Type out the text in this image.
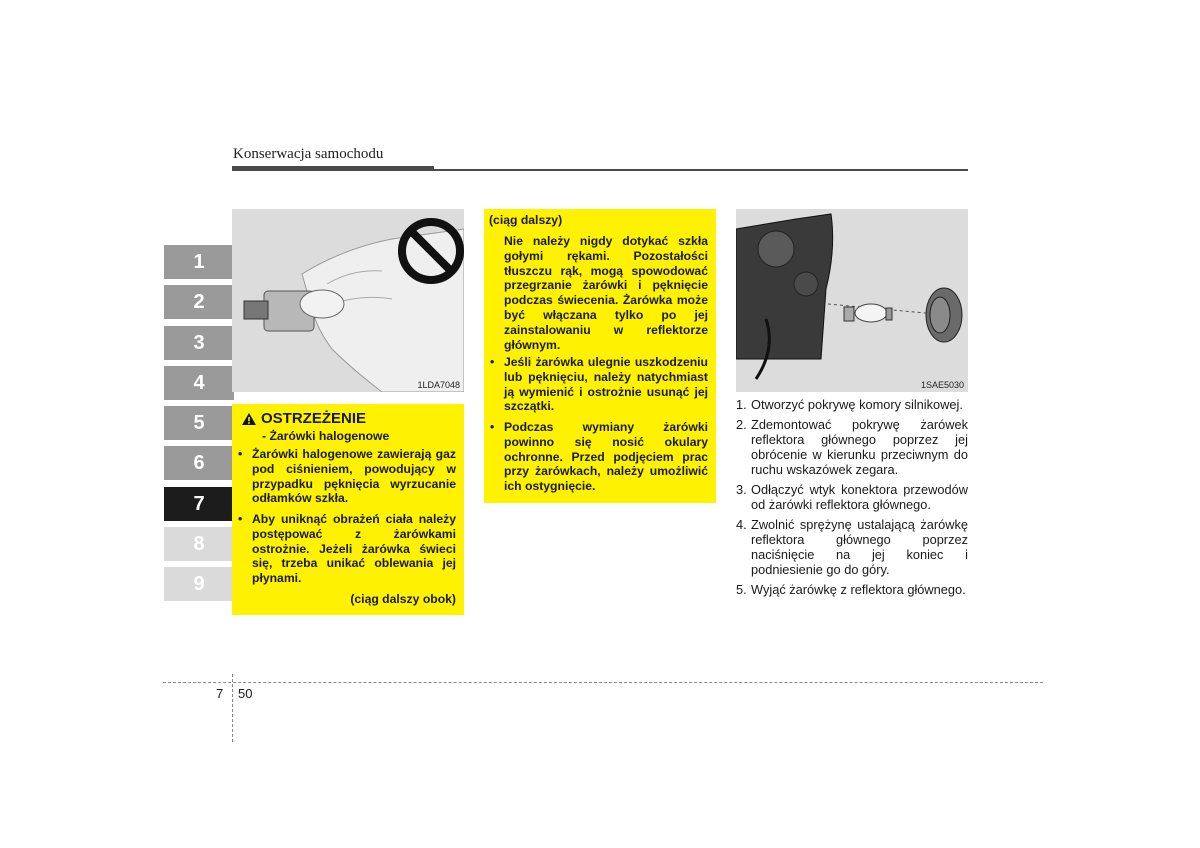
Konserwacja samochodu
1
2
3
4
5
6
7
8
9
1LDA7048
OSTRZEŻENIE
- Żarówki halogenowe
• Żarówki halogenowe zawierają gaz pod ciśnieniem, powodujący w przypadku pęknięcia wyrzucanie odłamków szkła.
• Aby uniknąć obrażeń ciała należy postępować z żarówkami ostrożnie. Jeżeli żarówka świeci się, trzeba unikać oblewania jej płynami.
(ciąg dalszy obok)
(ciąg dalszy)
Nie należy nigdy dotykać szkła gołymi rękami. Pozostałości tłuszczu rąk, mogą spowodować przegrzanie żarówki i pęknięcie podczas świecenia. Żarówka może być włączana tylko po jej zainstalowaniu w reflektorze głównym.
• Jeśli żarówka ulegnie uszkodzeniu lub pęknięciu, należy natychmiast ją wymienić i ostrożnie usunąć jej szczątki.
• Podczas wymiany żarówki powinno się nosić okulary ochronne. Przed podjęciem prac przy żarówkach, należy umożliwić ich ostygnięcie.
1SAE5030
1. Otworzyć pokrywę komory silnikowej.
2. Zdemontować pokrywę żarówek reflektora głównego poprzez jej obrócenie w kierunku przeciwnym do ruchu wskazówek zegara.
3. Odłączyć wtyk konektora przewodów od żarówki reflektora głównego.
4. Zwolnić sprężynę ustalającą żarówkę reflektora głównego poprzez naciśnięcie na jej koniec i podniesienie go do góry.
5. Wyjąć żarówkę z reflektora głównego.
7 50
